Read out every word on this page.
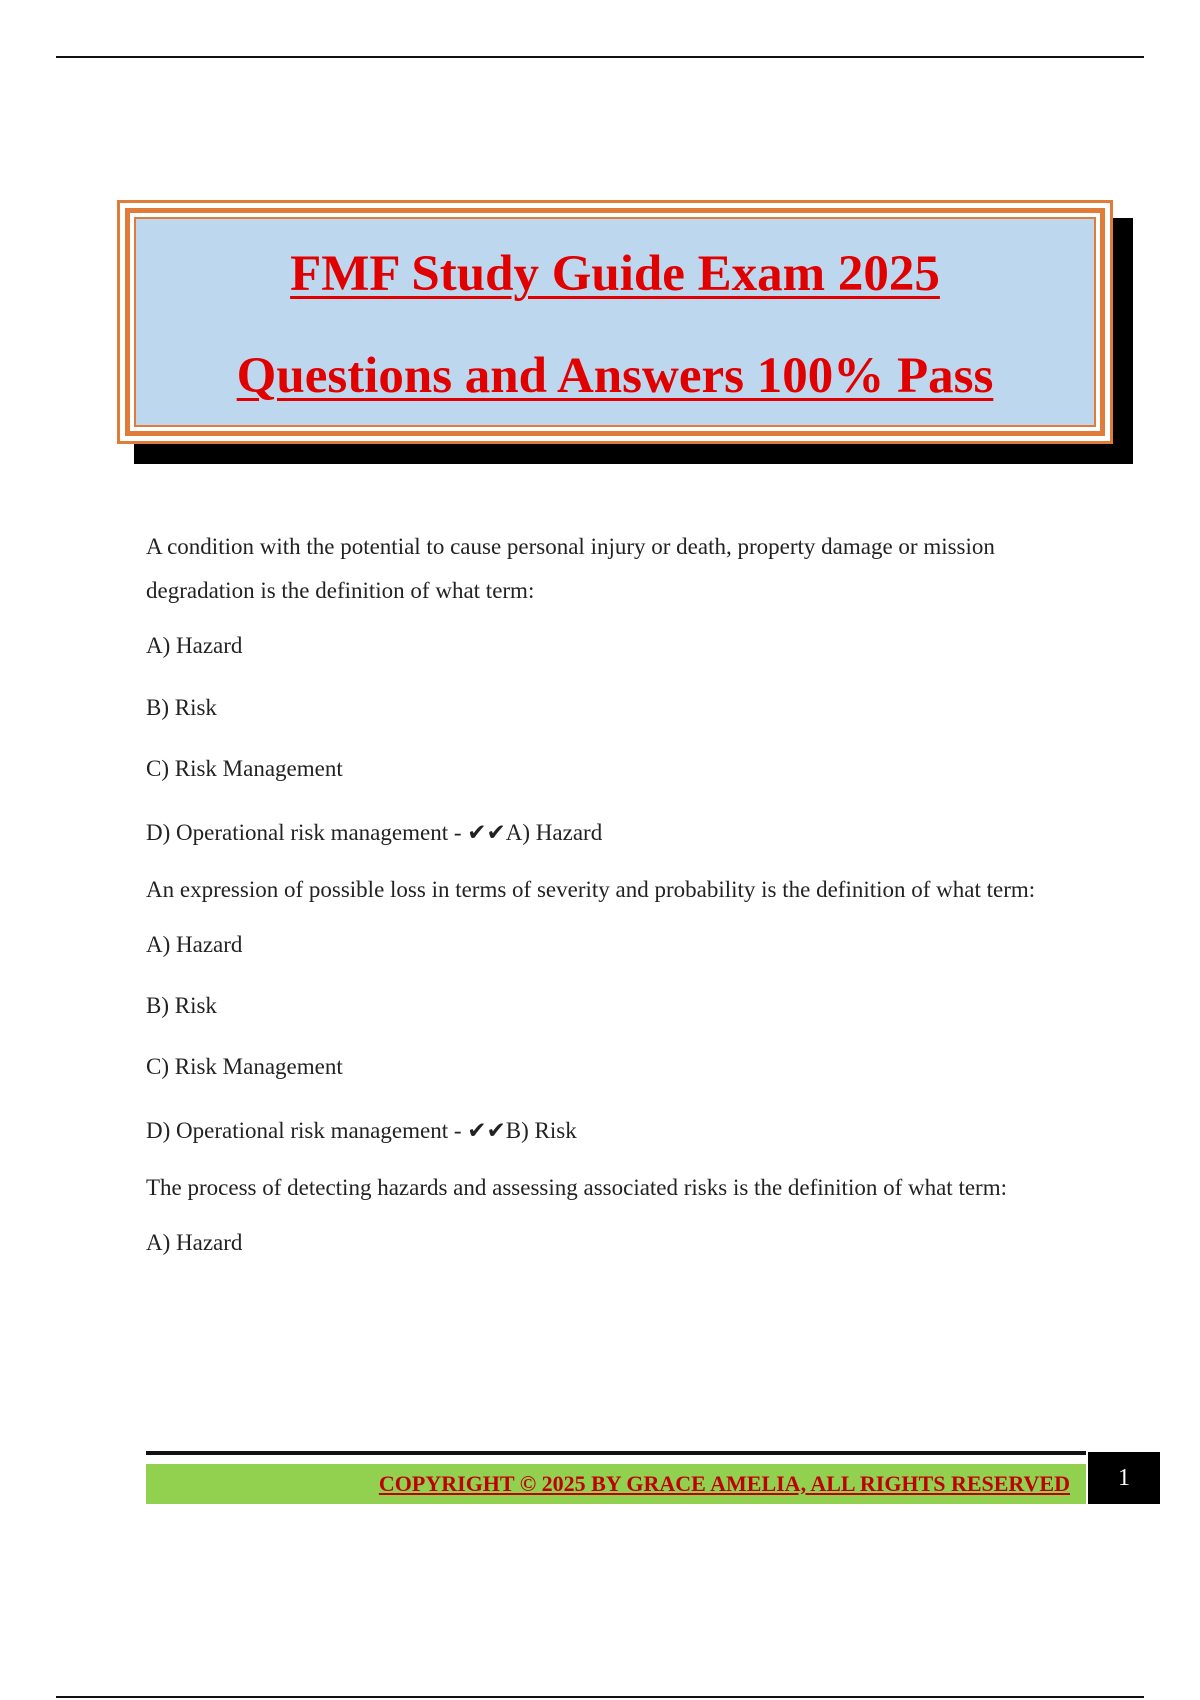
FMF Study Guide Exam 2025
Questions and Answers 100% Pass

A condition with the potential to cause personal injury or death, property damage or mission degradation is the definition of what term:

A) Hazard

B) Risk

C) Risk Management

D) Operational risk management - ✔✔A) Hazard

An expression of possible loss in terms of severity and probability is the definition of what term:

A) Hazard

B) Risk

C) Risk Management

D) Operational risk management - ✔✔B) Risk

The process of detecting hazards and assessing associated risks is the definition of what term:

A) Hazard

COPYRIGHT © 2025 BY GRACE AMELIA, ALL RIGHTS RESERVED	1
